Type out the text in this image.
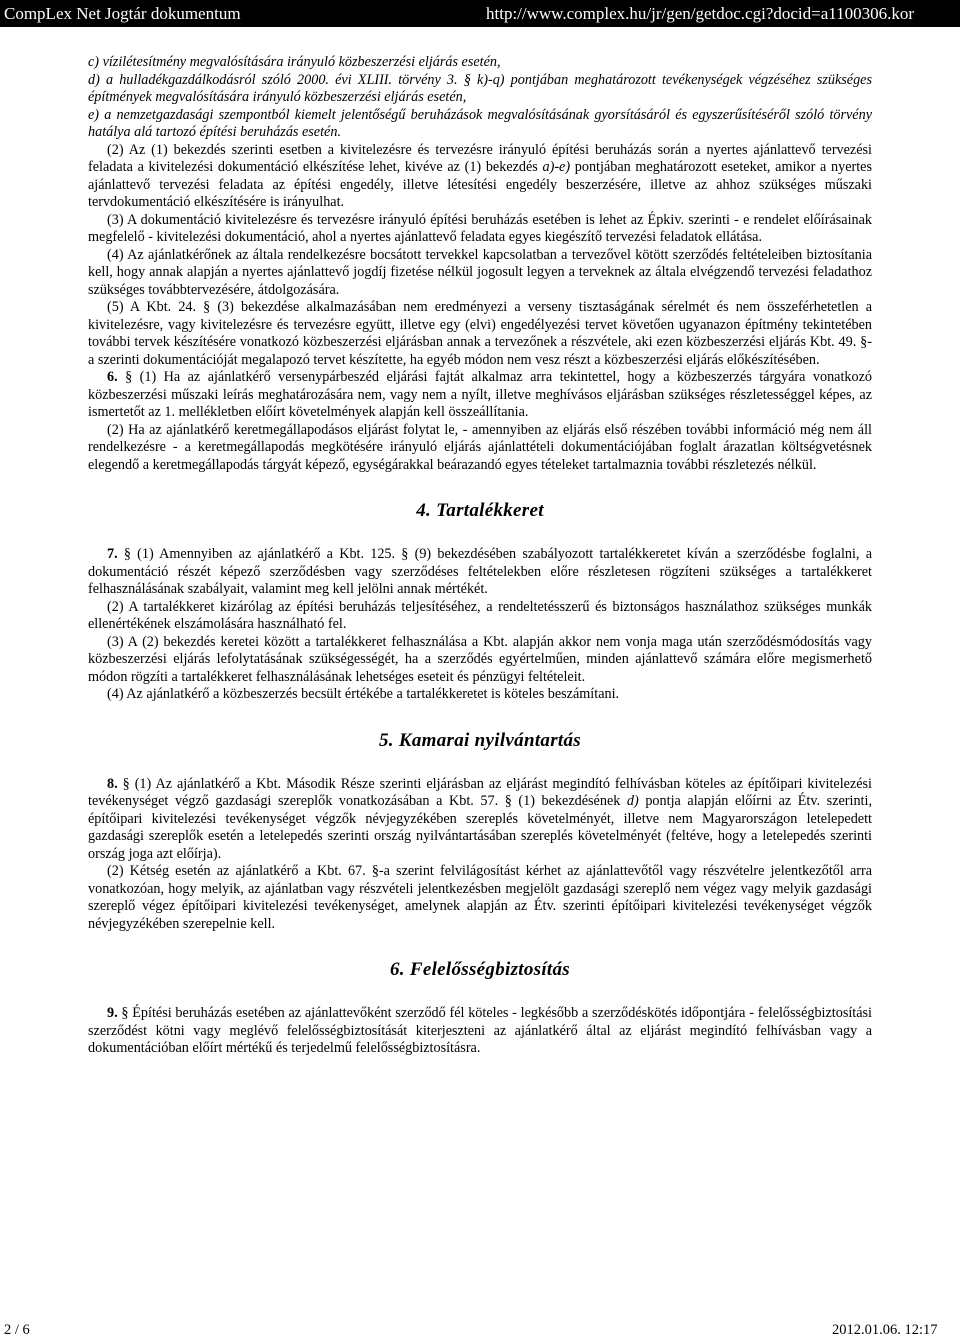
CompLex Net Jogtár dokumentum	http://www.complex.hu/jr/gen/getdoc.cgi?docid=a1100306.kor

c) vízilétesítmény megvalósítására irányuló közbeszerzési eljárás esetén,

d) a hulladékgazdálkodásról szóló 2000. évi XLIII. törvény 3. § k)-q) pontjában meghatározott tevékenységek végzéséhez szükséges építmények megvalósítására irányuló közbeszerzési eljárás esetén,

e) a nemzetgazdasági szempontból kiemelt jelentőségű beruházások megvalósításának gyorsításáról és egyszerűsítéséről szóló törvény hatálya alá tartozó építési beruházás esetén.

(2) Az (1) bekezdés szerinti esetben a kivitelezésre és tervezésre irányuló építési beruházás során a nyertes ajánlattevő tervezési feladata a kivitelezési dokumentáció elkészítése lehet, kivéve az (1) bekezdés a)-e) pontjában meghatározott eseteket, amikor a nyertes ajánlattevő tervezési feladata az építési engedély, illetve létesítési engedély beszerzésére, illetve az ahhoz szükséges műszaki tervdokumentáció elkészítésére is irányulhat.

(3) A dokumentáció kivitelezésre és tervezésre irányuló építési beruházás esetében is lehet az Épkiv. szerinti - e rendelet előírásainak megfelelő - kivitelezési dokumentáció, ahol a nyertes ajánlattevő feladata egyes kiegészítő tervezési feladatok ellátása.

(4) Az ajánlatkérőnek az általa rendelkezésre bocsátott tervekkel kapcsolatban a tervezővel kötött szerződés feltételeiben biztosítania kell, hogy annak alapján a nyertes ajánlattevő jogdíj fizetése nélkül jogosult legyen a terveknek az általa elvégzendő tervezési feladathoz szükséges továbbtervezésére, átdolgozására.

(5) A Kbt. 24. § (3) bekezdése alkalmazásában nem eredményezi a verseny tisztaságának sérelmét és nem összeférhetetlen a kivitelezésre, vagy kivitelezésre és tervezésre együtt, illetve egy (elvi) engedélyezési tervet követően ugyanazon építmény tekintetében további tervek készítésére vonatkozó közbeszerzési eljárásban annak a tervezőnek a részvétele, aki ezen közbeszerzési eljárás Kbt. 49. §-a szerinti dokumentációját megalapozó tervet készítette, ha egyéb módon nem vesz részt a közbeszerzési eljárás előkészítésében.

6. § (1) Ha az ajánlatkérő versenypárbeszéd eljárási fajtát alkalmaz arra tekintettel, hogy a közbeszerzés tárgyára vonatkozó közbeszerzési műszaki leírás meghatározására nem, vagy nem a nyílt, illetve meghívásos eljárásban szükséges részletességgel képes, az ismertetőt az 1. mellékletben előírt követelmények alapján kell összeállítania.

(2) Ha az ajánlatkérő keretmegállapodásos eljárást folytat le, - amennyiben az eljárás első részében további információ még nem áll rendelkezésre - a keretmegállapodás megkötésére irányuló eljárás ajánlattételi dokumentációjában foglalt árazatlan költségvetésnek elegendő a keretmegállapodás tárgyát képező, egységárakkal beárazandó egyes tételeket tartalmaznia további részletezés nélkül.

4. Tartalékkeret

7. § (1) Amennyiben az ajánlatkérő a Kbt. 125. § (9) bekezdésében szabályozott tartalékkeretet kíván a szerződésbe foglalni, a dokumentáció részét képező szerződésben vagy szerződéses feltételekben előre részletesen rögzíteni szükséges a tartalékkeret felhasználásának szabályait, valamint meg kell jelölni annak mértékét.

(2) A tartalékkeret kizárólag az építési beruházás teljesítéséhez, a rendeltetésszerű és biztonságos használathoz szükséges munkák ellenértékének elszámolására használható fel.

(3) A (2) bekezdés keretei között a tartalékkeret felhasználása a Kbt. alapján akkor nem vonja maga után szerződésmódosítás vagy közbeszerzési eljárás lefolytatásának szükségességét, ha a szerződés egyértelműen, minden ajánlattevő számára előre megismerhető módon rögzíti a tartalékkeret felhasználásának lehetséges eseteit és pénzügyi feltételeit.

(4) Az ajánlatkérő a közbeszerzés becsült értékébe a tartalékkeretet is köteles beszámítani.

5. Kamarai nyilvántartás

8. § (1) Az ajánlatkérő a Kbt. Második Része szerinti eljárásban az eljárást megindító felhívásban köteles az építőipari kivitelezési tevékenységet végző gazdasági szereplők vonatkozásában a Kbt. 57. § (1) bekezdésének d) pontja alapján előírni az Étv. szerinti, építőipari kivitelezési tevékenységet végzők névjegyzékében szereplés követelményét, illetve nem Magyarországon letelepedett gazdasági szereplők esetén a letelepedés szerinti ország nyilvántartásában szereplés követelményét (feltéve, hogy a letelepedés szerinti ország joga azt előírja).

(2) Kétség esetén az ajánlatkérő a Kbt. 67. §-a szerint felvilágosítást kérhet az ajánlattevőtől vagy részvételre jelentkezőtől arra vonatkozóan, hogy melyik, az ajánlatban vagy részvételi jelentkezésben megjelölt gazdasági szereplő nem végez vagy melyik gazdasági szereplő végez építőipari kivitelezési tevékenységet, amelynek alapján az Étv. szerinti építőipari kivitelezési tevékenységet végzők névjegyzékében szerepelnie kell.

6. Felelősségbiztosítás

9. § Építési beruházás esetében az ajánlattevőként szerződő fél köteles - legkésőbb a szerződéskötés időpontjára - felelősségbiztosítási szerződést kötni vagy meglévő felelősségbiztosítását kiterjeszteni az ajánlatkérő által az eljárást megindító felhívásban vagy a dokumentációban előírt mértékű és terjedelmű felelősségbiztosításra.

2 / 6	2012.01.06. 12:17
